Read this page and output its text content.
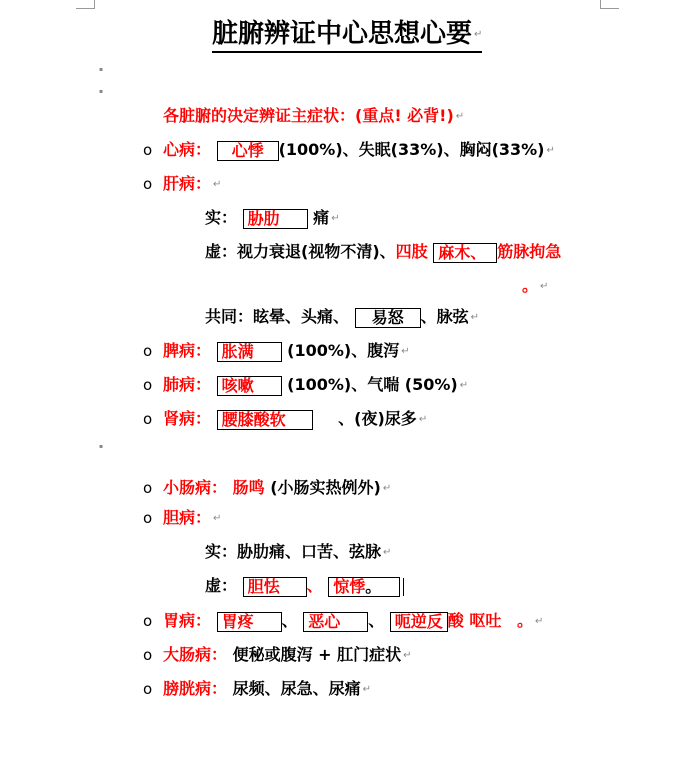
脏腑辨证中心思想心要 ↵
▪
▪
各脏腑的决定辨证主症状：(重点! 必背!) ↵
o 心病： 心悸 (100%)、失眠(33%)、胸闷(33%) ↵
o 肝病： ↵
实： 胁肋 痛 ↵
虚：视力衰退(视物不清)、四肢 麻木、 筋脉拘急
。 ↵
共同：眩晕、头痛、 易怒 、脉弦 ↵
o 脾病： 胀满 (100%)、腹泻 ↵
o 肺病： 咳嗽 (100%)、气喘 (50%) ↵
o 肾病： 腰膝酸软	、(夜)尿多 ↵
▪
o 小肠病： 肠鸣 (小肠实热例外) ↵
o 胆病： ↵
实：胁肋痛、口苦、弦脉 ↵
虚： 胆怯 、 惊悸。
o 胃病： 胃疼 、 恶心 、 呃逆反 酸 呕吐 。 ↵
o 大肠病： 便秘或腹泻 + 肛门症状 ↵
o 膀胱病： 尿频、尿急、尿痛 ↵
